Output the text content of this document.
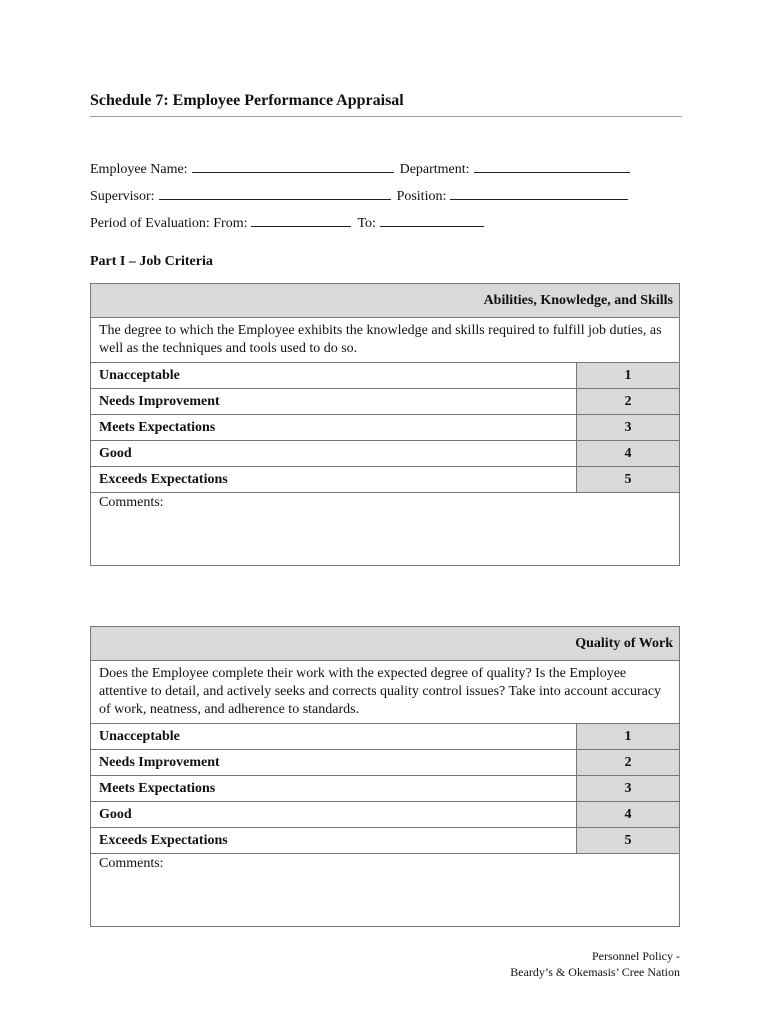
Schedule 7: Employee Performance Appraisal
Employee Name:	Department:
Supervisor:	Position:
Period of Evaluation: From:	To:
Part I – Job Criteria
Abilities, Knowledge, and Skills
The degree to which the Employee exhibits the knowledge and skills required to fulfill job duties, as well as the techniques and tools used to do so.
Unacceptable	1
Needs Improvement	2
Meets Expectations	3
Good	4
Exceeds Expectations	5
Comments:
Quality of Work
Does the Employee complete their work with the expected degree of quality? Is the Employee attentive to detail, and actively seeks and corrects quality control issues? Take into account accuracy of work, neatness, and adherence to standards.
Unacceptable	1
Needs Improvement	2
Meets Expectations	3
Good	4
Exceeds Expectations	5
Comments:
Personnel Policy -
Beardy’s & Okemasis’ Cree Nation
